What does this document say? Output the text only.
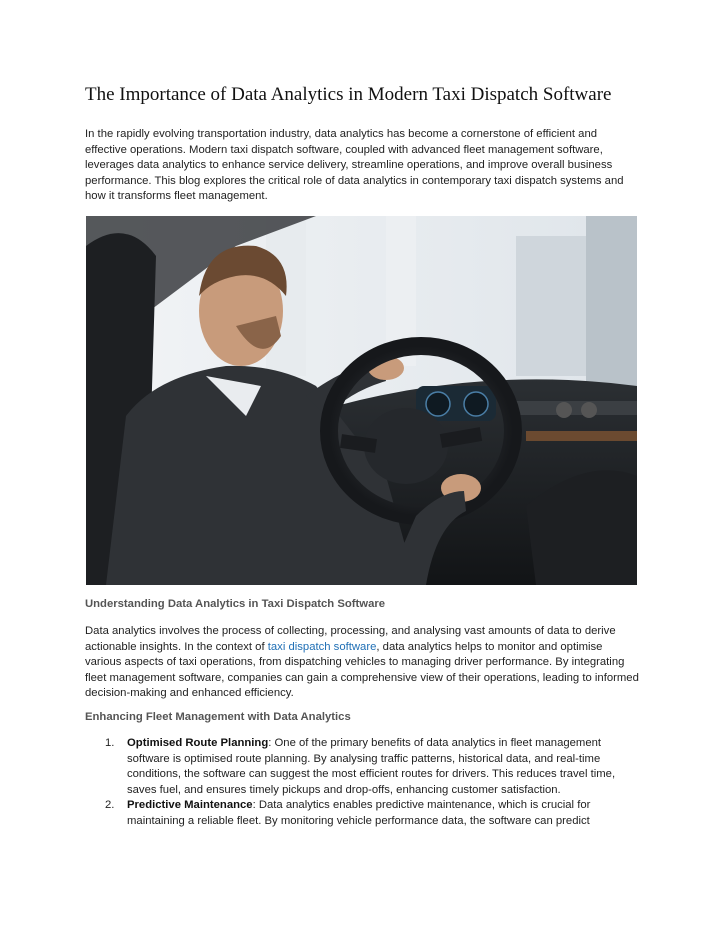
The Importance of Data Analytics in Modern Taxi Dispatch Software

In the rapidly evolving transportation industry, data analytics has become a cornerstone of efficient and effective operations. Modern taxi dispatch software, coupled with advanced fleet management software, leverages data analytics to enhance service delivery, streamline operations, and improve overall business performance. This blog explores the critical role of data analytics in contemporary taxi dispatch systems and how it transforms fleet management.

Understanding Data Analytics in Taxi Dispatch Software

Data analytics involves the process of collecting, processing, and analysing vast amounts of data to derive actionable insights. In the context of taxi dispatch software, data analytics helps to monitor and optimise various aspects of taxi operations, from dispatching vehicles to managing driver performance. By integrating fleet management software, companies can gain a comprehensive view of their operations, leading to informed decision-making and enhanced efficiency.

Enhancing Fleet Management with Data Analytics
1. Optimised Route Planning: One of the primary benefits of data analytics in fleet management software is optimised route planning. By analysing traffic patterns, historical data, and real-time conditions, the software can suggest the most efficient routes for drivers. This reduces travel time, saves fuel, and ensures timely pickups and drop-offs, enhancing customer satisfaction.
2. Predictive Maintenance: Data analytics enables predictive maintenance, which is crucial for maintaining a reliable fleet. By monitoring vehicle performance data, the software can predict
